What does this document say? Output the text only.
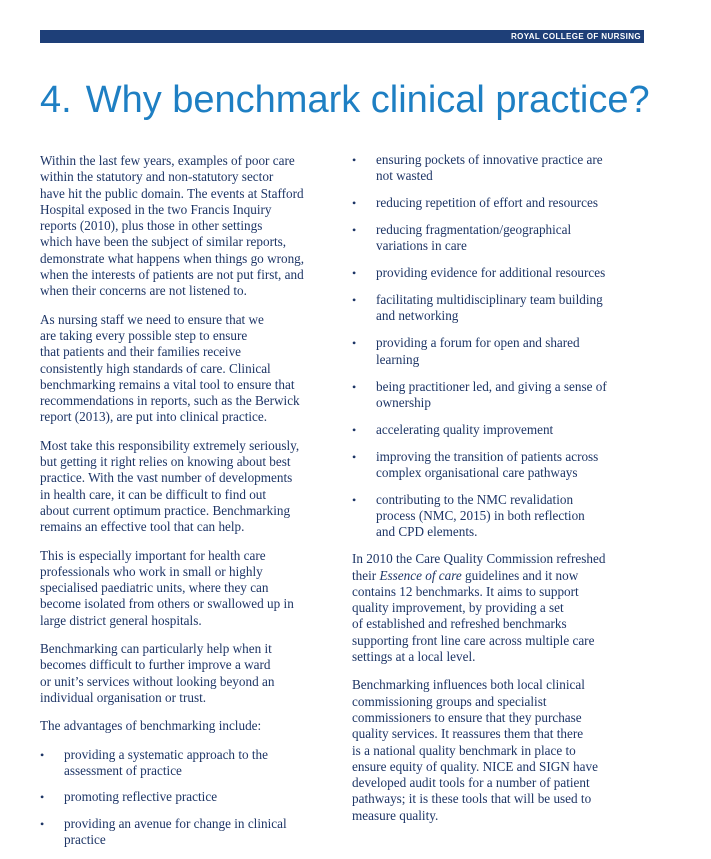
ROYAL COLLEGE OF NURSING
4. Why benchmark clinical practice?

Within the last few years, examples of poor care
within the statutory and non-statutory sector
have hit the public domain. The events at Stafford
Hospital exposed in the two Francis Inquiry
reports (2010), plus those in other settings
which have been the subject of similar reports,
demonstrate what happens when things go wrong,
when the interests of patients are not put first, and
when their concerns are not listened to.

As nursing staff we need to ensure that we
are taking every possible step to ensure
that patients and their families receive
consistently high standards of care. Clinical
benchmarking remains a vital tool to ensure that
recommendations in reports, such as the Berwick
report (2013), are put into clinical practice.

Most take this responsibility extremely seriously,
but getting it right relies on knowing about best
practice. With the vast number of developments
in health care, it can be difficult to find out
about current optimum practice. Benchmarking
remains an effective tool that can help.

This is especially important for health care
professionals who work in small or highly
specialised paediatric units, where they can
become isolated from others or swallowed up in
large district general hospitals.

Benchmarking can particularly help when it
becomes difficult to further improve a ward
or unit’s services without looking beyond an
individual organisation or trust.

The advantages of benchmarking include:

• providing a systematic approach to the
assessment of practice
• promoting reflective practice
• providing an avenue for change in clinical
practice
• ensuring pockets of innovative practice are
not wasted
• reducing repetition of effort and resources
• reducing fragmentation/geographical
variations in care
• providing evidence for additional resources
• facilitating multidisciplinary team building
and networking
• providing a forum for open and shared
learning
• being practitioner led, and giving a sense of
ownership
• accelerating quality improvement
• improving the transition of patients across
complex organisational care pathways
• contributing to the NMC revalidation
process (NMC, 2015) in both reflection
and CPD elements.

In 2010 the Care Quality Commission refreshed
their Essence of care guidelines and it now
contains 12 benchmarks. It aims to support
quality improvement, by providing a set
of established and refreshed benchmarks
supporting front line care across multiple care
settings at a local level.

Benchmarking influences both local clinical
commissioning groups and specialist
commissioners to ensure that they purchase
quality services. It reassures them that there
is a national quality benchmark in place to
ensure equity of quality. NICE and SIGN have
developed audit tools for a number of patient
pathways; it is these tools that will be used to
measure quality.
